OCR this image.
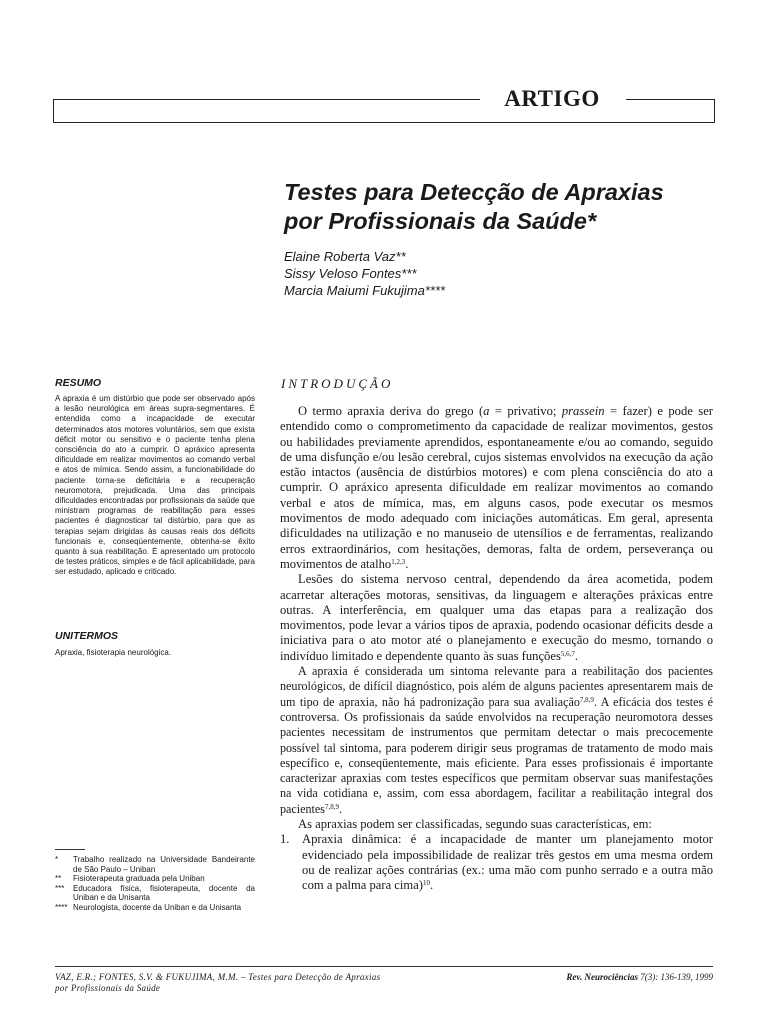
ARTIGO
Testes para Detecção de Apraxias
por Profissionais da Saúde*
Elaine Roberta Vaz**
Sissy Veloso Fontes***
Marcia Maiumi Fukujima****
RESUMO
A apraxia é um distúrbio que pode ser observado após a lesão neurológica em áreas supra-segmentares. É entendida como a incapacidade de executar determinados atos motores voluntários, sem que exista déficit motor ou sensitivo e o paciente tenha plena consciência do ato a cumprir. O apráxico apresenta dificuldade em realizar movimentos ao comando verbal e atos de mímica. Sendo assim, a funcionabilidade do paciente torna-se deficitária e a recuperação neuromotora, prejudicada. Uma das principais dificuldades encontradas por profissionais da saúde que ministram programas de reabilitação para esses pacientes é diagnosticar tal distúrbio, para que as terapias sejam dirigidas às causas reais dos déficits funcionais e, conseqüentemente, obtenha-se êxito quanto à sua reabilitação. É apresentado um protocolo de testes práticos, simples e de fácil aplicabilidade, para ser estudado, aplicado e criticado.
UNITERMOS
Apraxia, fisioterapia neurológica.
*	Trabalho realizado na Universidade Bandeirante de São Paulo – Uniban
**	Fisioterapeuta graduada pela Uniban
***	Educadora física, fisioterapeuta, docente da Uniban e da Unisanta
**** Neurologista, docente da Uniban e da Unisanta
INTRODUÇÃO

O termo apraxia deriva do grego (a = privativo; prassein = fazer) e pode ser entendido como o comprometimento da capacidade de realizar movimentos, gestos ou habilidades previamente aprendidos, espontaneamente e/ou ao comando, seguido de uma disfunção e/ou lesão cerebral, cujos sistemas envolvidos na execução da ação estão intactos (ausência de distúrbios motores) e com plena consciência do ato a cumprir. O apráxico apresenta dificuldade em realizar movimentos ao comando verbal e atos de mímica, mas, em alguns casos, pode executar os mesmos movimentos de modo adequado com iniciações automáticas. Em geral, apresenta dificuldades na utilização e no manuseio de utensílios e de ferramentas, realizando erros extraordinários, com hesitações, demoras, falta de ordem, perseverança ou movimentos de atalho$^{1,2,3}$.

Lesões do sistema nervoso central, dependendo da área acometida, podem acarretar alterações motoras, sensitivas, da linguagem e alterações práxicas entre outras. A interferência, em qualquer uma das etapas para a realização dos movimentos, pode levar a vários tipos de apraxia, podendo ocasionar déficits desde a iniciativa para o ato motor até o planejamento e execução do mesmo, tornando o indivíduo limitado e dependente quanto às suas funções$^{5,6,7}$.

A apraxia é considerada um sintoma relevante para a reabilitação dos pacientes neurológicos, de difícil diagnóstico, pois além de alguns pacientes apresentarem mais de um tipo de apraxia, não há padronização para sua avaliação$^{7,8,9}$. A eficácia dos testes é controversa. Os profissionais da saúde envolvidos na recuperação neuromotora desses pacientes necessitam de instrumentos que permitam detectar o mais precocemente possível tal sintoma, para poderem dirigir seus programas de tratamento de modo mais específico e, conseqüentemente, mais eficiente. Para esses profissionais é importante caracterizar apraxias com testes específicos que permitam observar suas manifestações na vida cotidiana e, assim, com essa abordagem, facilitar a reabilitação integral dos pacientes$^{7,8,9}$.

As apraxias podem ser classificadas, segundo suas características, em:

1. Apraxia dinâmica: é a incapacidade de manter um planejamento motor evidenciado pela impossibilidade de realizar três gestos em uma mesma ordem ou de realizar ações contrárias (ex.: uma mão com punho serrado e a outra mão com a palma para cima)$^{10}$.
VAZ, E.R.; FONTES, S.V. & FUKUJIMA, M.M. – Testes para Detecção de Apraxias
por Profissionais da Saúde
Rev. Neurociências 7(3): 136-139, 1999
